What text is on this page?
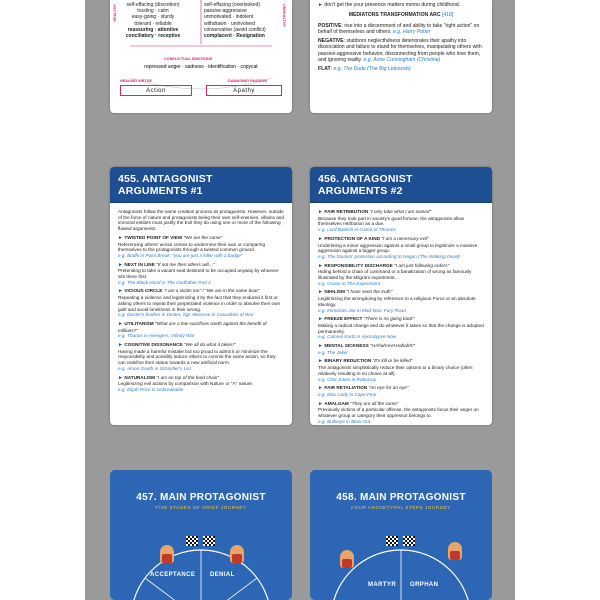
HEALTHY	self-effacing (discretion)
trusting · calm
easy-going · sturdy
tolerant · reliable
reassuring · attentive
conciliatory · receptive
self-effacing (overlooked)
passive-aggressive
unmotivated · indolent
withdrawn · uninvolved
conservative (avoid conflict)
complacent · Resignation
UNHEALTHY
CONFLICTUAL EMOTIONS
repressed anger · sadness · identification · copycat
HEALING VIRTUE	DAMAGING PASSION
Action	Apathy
► don't get the your presence matters memo during childhood.
MEDIATORS TRANSFORMATION ARC [418]

POSITIVE: rise into a discernment of and ability to take "right action" on behalf of themselves and others. e.g. Harry Potter

NEGATIVE: stubborn neglectfulness deteriorates their apathy into dissociation and failure to stand for themselves, manipulating others with passive-aggressive behavior, disconnecting from people who love them, and ignoring reality. e.g. Anne Cunningham (Christine)

FLAT: e.g. The Dude (The Big Lebowski)

455. ANTAGONIST ARGUMENTS #1

Antagonists follow the same creation process as protagonists. However, outside of the force of nature and protagonists being their own self-enemies, villains and immoral entities must justify the Evil they do using one or more of the following flawed arguments:

► TWISTED POINT OF VIEW "We are the same"
Referencing others' worse crimes to undermine their own or comparing themselves to the protagonists through a twisted common ground.
e.g. Bodhi in Point Break: "you are just a killer with a badge"
► NEXT IN LINE "If not me then others will…"
Pretending to take a vacant seat destined to be occupied anyway by whoever sits there first.
e.g. The Black Hand in The Godfather Part 2
► VICIOUS CIRCLE "I am a victim too" / "We are in the same boat"
Repeating a violence and legitimizing it by the fact that they endured it first or asking others to repeat their perpetrated violence in order to absolve their own guilt and avoid loneliness in their wrong.
e.g. Dexter's brother in Dexter, Sgt. Meserve in Casualties of War
► UTILITARISM "What are a few sacrifices worth against the benefit of millions?"
e.g. Thanos in Avengers: Infinity War
► COGNITIVE DISSONANCE "We all do what it takes!"
Having made a harmful mistake but too proud to admit it or minimize the responsibility and possibly induce others to commit the same action, so they can redefine their status towards a new artificial norm.
e.g. Amon Goeth in Schindler's List
► NATURALISM "I am on top of the food chain"
Legitimizing evil actions by comparison with Nature or "A" nature.
e.g. Elijah Price in Unbreakable
456. ANTAGONIST ARGUMENTS #2
► FAIR RETRIBUTION "I only take what I am owned"
Because they took part in society's good fortune, the antagonists allow themselves retribution as a due.
e.g. Lord Baelish in Game of Thrones
► PROTECTION OF A KIND "I am a necessary evil"
Underlining a minor aggression against a small group to legitimize a massive aggression against a bigger group.
e.g. The Saviors' protection according to Negan (The Walking Dead)
► RESPONSIBILITY DISCHARGE "I am just following orders"
Hiding behind a chain of command or a banalization of wrong as famously illustrated by the Milgram experiment.
e.g. Cruise in The Experiment
► NIHILISM "I have seen the truth"
Legitimizing the wrongdoing by reference to a religious Force or an absolute ideology.
e.g. Immortan Joe in Mad Max: Fury Road
► FREEZE EFFECT "There is no going back"
Making a radical change and do whatever it takes so that the change is adopted permanently.
e.g. Colonel Kurtz in Apocalypse Now
► MENTAL SICKNESS "HAhahAHAHahahh!"
e.g. The Joker
► BINARY REDUCTION "It's kill or be killed"
The antagonists simplistically reduce their options to a binary choice (often relatively resulting in no choice at all).
e.g. Clint Jones in RoboCop
► FAIR RETALIATION "An eye for an eye"
e.g. Max Cady in Cape Fear
► AMALGAM "They are all the same"
Previously victims of a particular offense, the antagonists focus their anger on whatever group or category their oppressor belongs to.
e.g. Bullseye in Blow Out
457. MAIN PROTAGONIST
FIVE STAGES OF GRIEF JOURNEY
ACCEPTANCE DENIAL
458. MAIN PROTAGONIST
FOUR ARCHETYPAL STEPS JOURNEY
MARTYR ORPHAN
